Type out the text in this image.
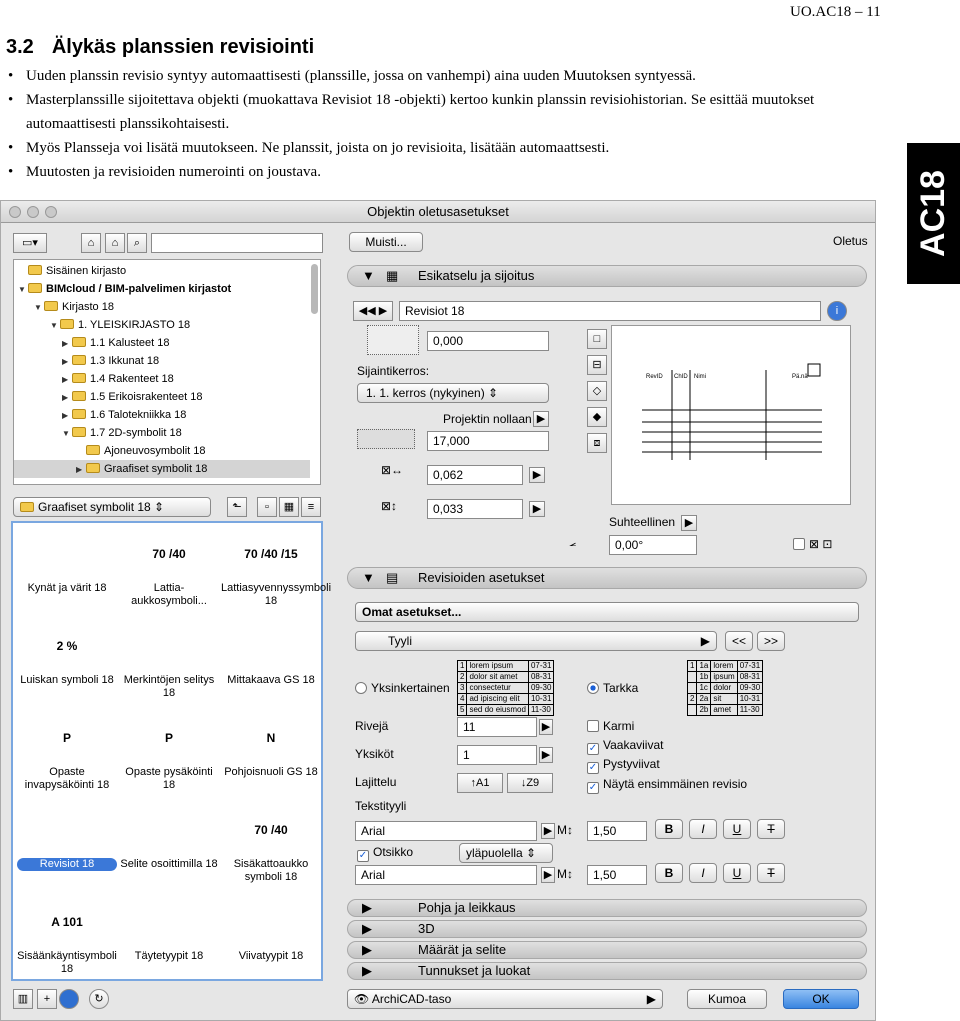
UO.AC18 – 11
3.2 Älykäs planssien revisiointi
• Uuden planssin revisio syntyy automaattisesti (planssille, jossa on vanhempi) aina uuden Muutoksen syntyessä.
• Masterplanssille sijoitettava objekti (muokattava Revisiot 18 -objekti) kertoo kunkin planssin revisiohistorian. Se esittää muutokset automaattisesti planssikohtaisesti.
• Myös Plansseja voi lisätä muutokseen. Ne planssit, joista on jo revisioita, lisätään automaattsesti.
• Muutosten ja revisioiden numerointi on joustava.	AC18
Objektin oletusasetukset
▭▾	⌂	⌂	⌕
Sisäinen kirjasto
▼ BIMcloud / BIM-palvelimen kirjastot
▼ Kirjasto 18
▼ 1. YLEISKIRJASTO 18
▶ 1.1 Kalusteet 18
▶ 1.3 Ikkunat 18
▶ 1.4 Rakenteet 18
▶ 1.5 Erikoisrakenteet 18
▶ 1.6 Talotekniikka 18
▼ 1.7 2D-symbolit 18
Ajoneuvosymbolit 18
▶ Graafiset symbolit 18
Graafiset symbolit 18 ⇕	⬑	▫	▦	≡
Kynät ja värit 18
70 /40
Lattia-aukkosymboli...
70 /40 /15
Lattiasyvennyssymboli 18
2 %
Luiskan symboli 18 Merkintöjen selitys 18
Mittakaava GS 18
P
Opaste invapysäköinti 18
P
Opaste pysäköinti 18
N
Pohjoisnuoli GS 18
Revisiot 18	Selite osoittimilla 18
70 /40
Sisäkattoaukko symboli 18
A 101
Sisäänkäyntisymboli 18
Täytetyypit 18	Viivatyypit 18
▥	+	↻
Muisti...	Oletus
▼ ▦ Esikatselu ja sijoitus
◀◀ ▶	Revisiot 18	i
0,000
Sijaintikerros:
1. 1. kerros (nykyinen) ⇕
Projektin nollaan ▶
17,000
⊠↔	0,062	▶
⊠↕	0,033	▶
□
⊟
◇
◆
⧈
RevID ChID Nimi	Pä.nä
Suhteellinen ▶
⦟	0,00°	⊠ ⊡
▼ ▤ Revisioiden asetukset
Omat asetukset...
Tyyli	▶	<<	>>
Yksinkertainen
1	lorem ipsum	07-31
2	dolor sit amet	08-31
3	consectetur	09-30
4	ad ipiscing elit	10-31
5	sed do eiusmod	11-30
Tarkka
1	1a	lorem	07-31
	1b	ipsum	08-31
	1c	dolor	09-30
2	2a	sit	10-31
	2b	amet	11-30
Rivejä	11	▶
Yksiköt	1	▶
Lajittelu	↑A1	↓Z9
Karmi
✓ Vaakaviivat
✓ Pystyviivat
✓ Näytä ensimmäinen revisio
Tekstityyli
Arial	▶ M↕	1,50	B	I	U	T
✓ Otsikko	yläpuolella ⇕
Arial	▶ M↕	1,50	B	I	U	T
▶	Pohja ja leikkaus
▶	3D
▶	Määrät ja selite
▶	Tunnukset ja luokat
👁 ArchiCAD-taso	▶	Kumoa	OK
